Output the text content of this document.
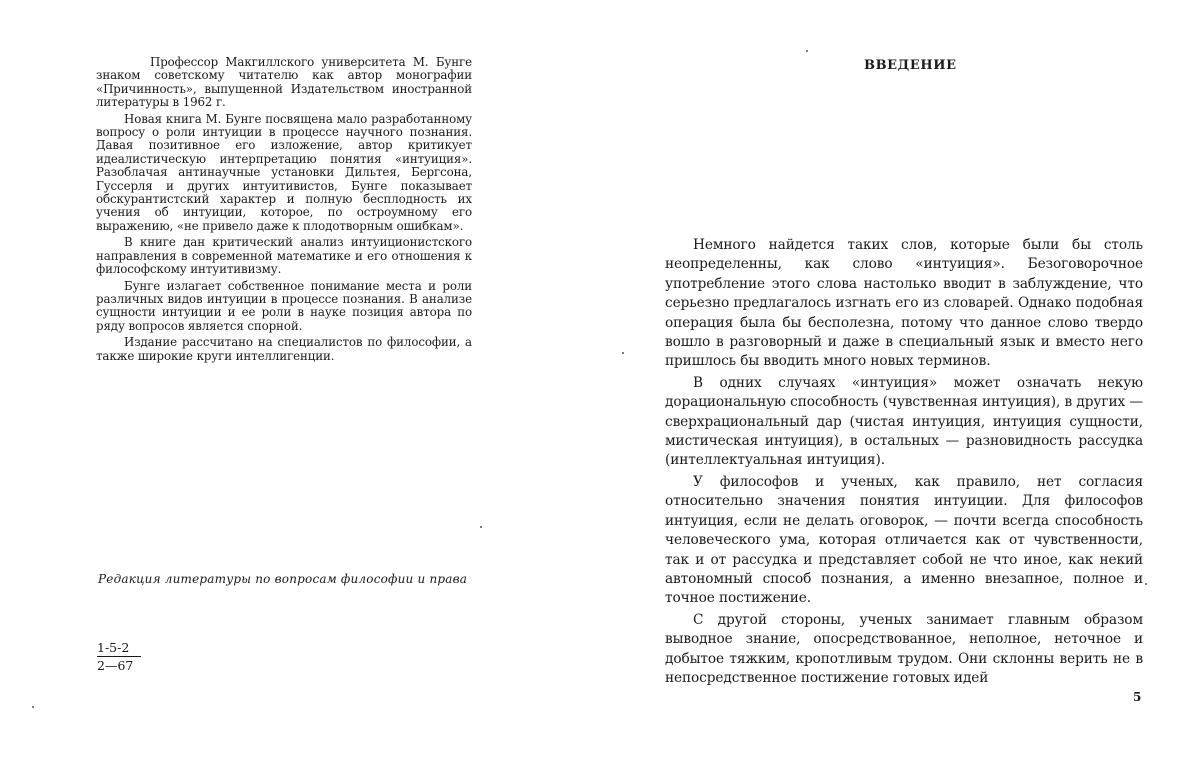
Профессор Макгиллского университета М. Бунге знаком советскому читателю как автор монографии «Причинность», выпущенной Издательством иностранной литературы в 1962 г.

Новая книга М. Бунге посвящена мало разработанному вопросу о роли интуиции в процессе научного познания. Давая позитивное его изложение, автор критикует идеалистическую интерпретацию понятия «интуиция». Разоблачая антинаучные установки Дильтея, Бергсона, Гуссерля и других интуитивистов, Бунге показывает обскурантистский характер и полную бесплодность их учения об интуиции, которое, по остроумному его выражению, «не привело даже к плодотворным ошибкам».

В книге дан критический анализ интуиционистского направления в современной математике и его отношения к философскому интуитивизму.

Бунге излагает собственное понимание места и роли различных видов интуиции в процессе познания. В анализе сущности интуиции и ее роли в науке позиция автора по ряду вопросов является спорной.

Издание рассчитано на специалистов по философии, а также широкие круги интеллигенции.

Редакция литературы по вопросам философии и права
$\frac{1-5-2}{2—67}$
ВВЕДЕНИЕ

Немного найдется таких слов, которые были бы столь неопределенны, как слово «интуиция». Безоговорочное употребление этого слова настолько вводит в заблуждение, что серьезно предлагалось изгнать его из словарей. Однако подобная операция была бы бесполезна, потому что данное слово твердо вошло в разговорный и даже в специальный язык и вместо него пришлось бы вводить много новых терминов.

В одних случаях «интуиция» может означать некую дорациональную способность (чувственная интуиция), в других — сверхрациональный дар (чистая интуиция, интуиция сущности, мистическая интуиция), в остальных — разновидность рассудка (интеллектуальная интуиция).

У философов и ученых, как правило, нет согласия относительно значения понятия интуиции. Для философов интуиция, если не делать оговорок, — почти всегда способность человеческого ума, которая отличается как от чувственности, так и от рассудка и представляет собой не что иное, как некий автономный способ познания, а именно внезапное, полное и точное постижение.

С другой стороны, ученых занимает главным образом выводное знание, опосредствованное, неполное, неточное и добытое тяжким, кропотливым трудом. Они склонны верить не в непосредственное постижение готовых идей

5
